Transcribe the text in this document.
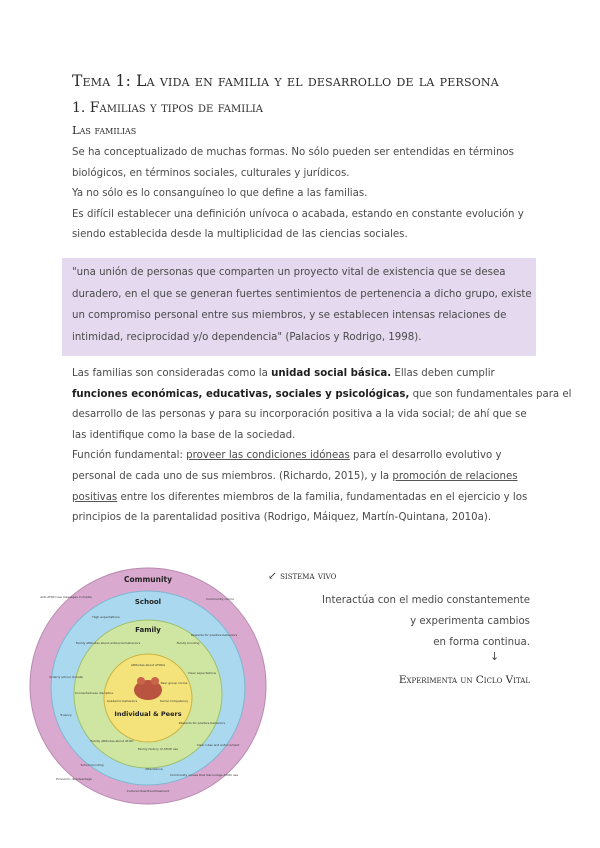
Tema 1: La vida en familia y el desarrollo de la persona
1. Familias y tipos de familia
Las familias
Se ha conceptualizado de muchas formas. No sólo pueden ser entendidas en términos
biológicos, en términos sociales, culturales y jurídicos.
Ya no sólo es lo consanguíneo lo que define a las familias.
Es difícil establecer una definición unívoca o acabada, estando en constante evolución y
siendo establecida desde la multiplicidad de las ciencias sociales.
"una unión de personas que comparten un proyecto vital de existencia que se desea
duradero, en el que se generan fuertes sentimientos de pertenencia a dicho grupo, existe
un compromiso personal entre sus miembros, y se establecen intensas relaciones de
intimidad, reciprocidad y/o dependencia" (Palacios y Rodrigo, 1998).
Las familias son consideradas como la unidad social básica. Ellas deben cumplir
funciones económicas, educativas, sociales y psicológicas, que son fundamentales para el
desarrollo de las personas y para su incorporación positiva a la vida social; de ahí que se
las identifique como la base de la sociedad.
Función fundamental: proveer las condiciones idóneas para el desarrollo evolutivo y
personal de cada uno de sus miembros. (Richardo, 2015), y la promoción de relaciones
positivas entre los diferentes miembros de la familia, fundamentadas en el ejercicio y los
principios de la parentalidad positiva (Rodrigo, Máiquez, Martín-Quintana, 2010a).
Community
School
Family
Individual & Peers
Attitudes about ATODs
Peer group norms
Academic behaviors	Social competency
Family attitudes about antisocial behaviors	Family bonding
Clear expectations
Rewards for positive behaviors
Family history of ATOD use
Family attitudes about ATOD
High expectations
Rewards for positive behaviors
Clear rules and enforcement
Orderly school climate
Truancy
School bonding
Attendance
Connectedness discipline
Anti-ATOD use messages in media	Community norms
Economic disadvantage
Cultural disenfranchisement
Community values that discourage ATOD use
↙ sistema vivo
Interactúa con el medio constantemente
y experimenta cambios
en forma continua.
↓
Experimenta un Ciclo Vital
